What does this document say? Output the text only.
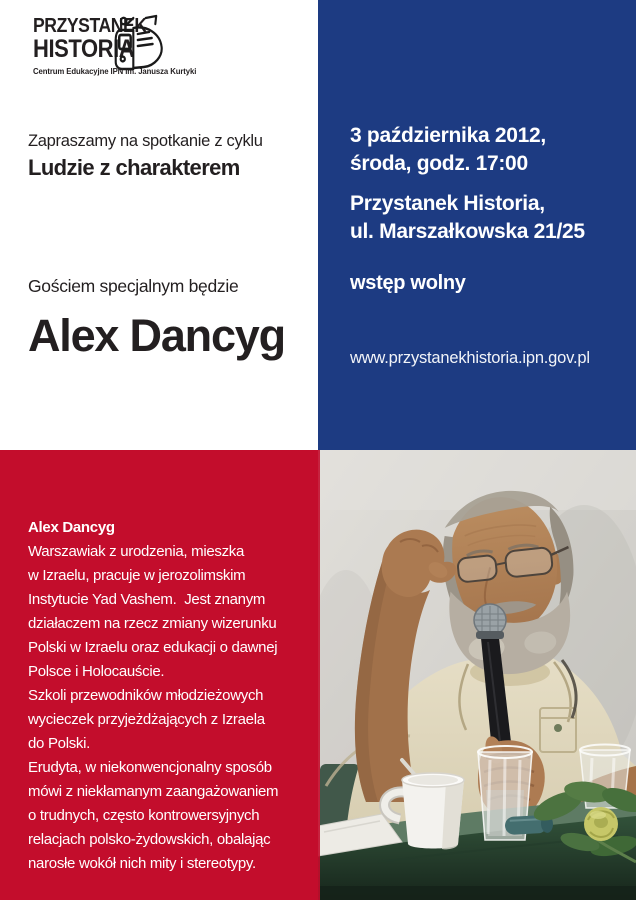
PRZYSTANEK
HISTORIA
Centrum Edukacyjne IPN im. Janusza Kurtyki
Zapraszamy na spotkanie z cyklu
Ludzie z charakterem
Gościem specjalnym będzie
Alex Dancyg
3 października 2012,
środa, godz. 17:00
Przystanek Historia,
ul. Marszałkowska 21/25
wstęp wolny
www.przystanekhistoria.ipn.gov.pl
Alex Dancyg
Warszawiak z urodzenia, mieszka
w Izraelu, pracuje w jerozolimskim
Instytucie Yad Vashem.  Jest znanym
działaczem na rzecz zmiany wizerunku
Polski w Izraelu oraz edukacji o dawnej
Polsce i Holocauście.
Szkoli przewodników młodzieżowych
wycieczek przyjeżdżających z Izraela
do Polski.
Erudyta, w niekonwencjonalny sposób
mówi z niekłamanym zaangażowaniem
o trudnych, często kontrowersyjnych
relacjach polsko-żydowskich, obalając
narosłe wokół nich mity i stereotypy.
